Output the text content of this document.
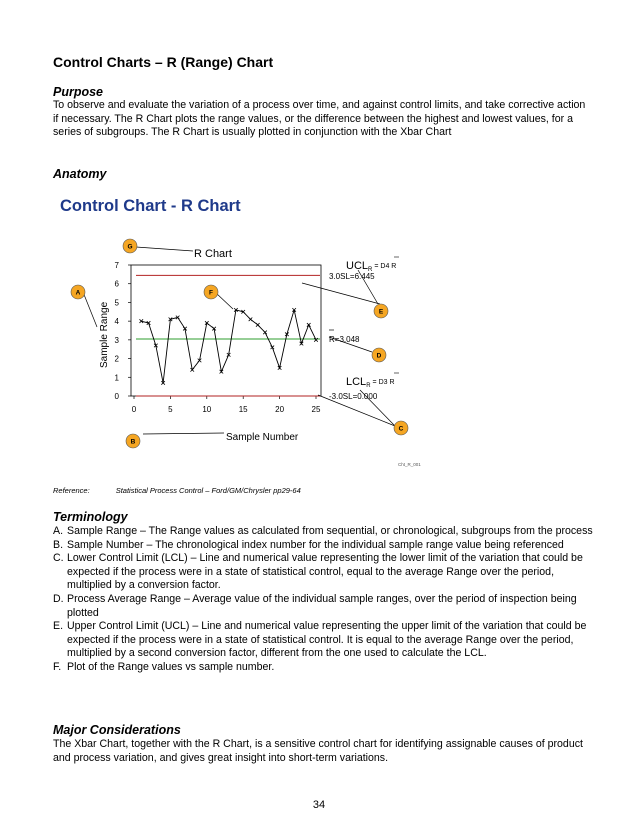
Control Charts – R (Range) Chart
Purpose
To observe and evaluate the variation of a process over time, and against control limits, and take corrective action if necessary. The R Chart plots the range values, or the difference between the highest and lowest values, for a series of subgroups. The R Chart is usually plotted in conjunction with the Xbar Chart
Anatomy
Control Chart - R Chart
0
1
2
3
4
5
6
7
0	5	10	15	20	25
R Chart
Sample Number
Sample Range
3.0SL=6.445
R=3.048
-3.0SL=0.000
UCLR $^{= D4 R}$
LCLR $^{= D3 R}$
G
A	F
E
D
C
B
Cht_R_001
Reference:	Statistical Process Control – Ford/GM/Chrysler pp29-64
Terminology
A. Sample Range – The Range values as calculated from sequential, or chronological, subgroups from the process
B. Sample Number – The chronological index number for the individual sample range value being referenced
C. Lower Control Limit (LCL) – Line and numerical value representing the lower limit of the variation that could be expected if the process were in a state of statistical control, equal to the average Range over the period, multiplied by a conversion factor.
D. Process Average Range – Average value of the individual sample ranges, over the period of inspection being plotted
E. Upper Control Limit (UCL) – Line and numerical value representing the upper limit of the variation that could be expected if the process were in a state of statistical control. It is equal to the average Range over the period, multiplied by a second conversion factor, different from the one used to calculate the LCL.
F. Plot of the Range values vs sample number.
Major Considerations
The Xbar Chart, together with the R Chart, is a sensitive control chart for identifying assignable causes of product and process variation, and gives great insight into short-term variations.
34
